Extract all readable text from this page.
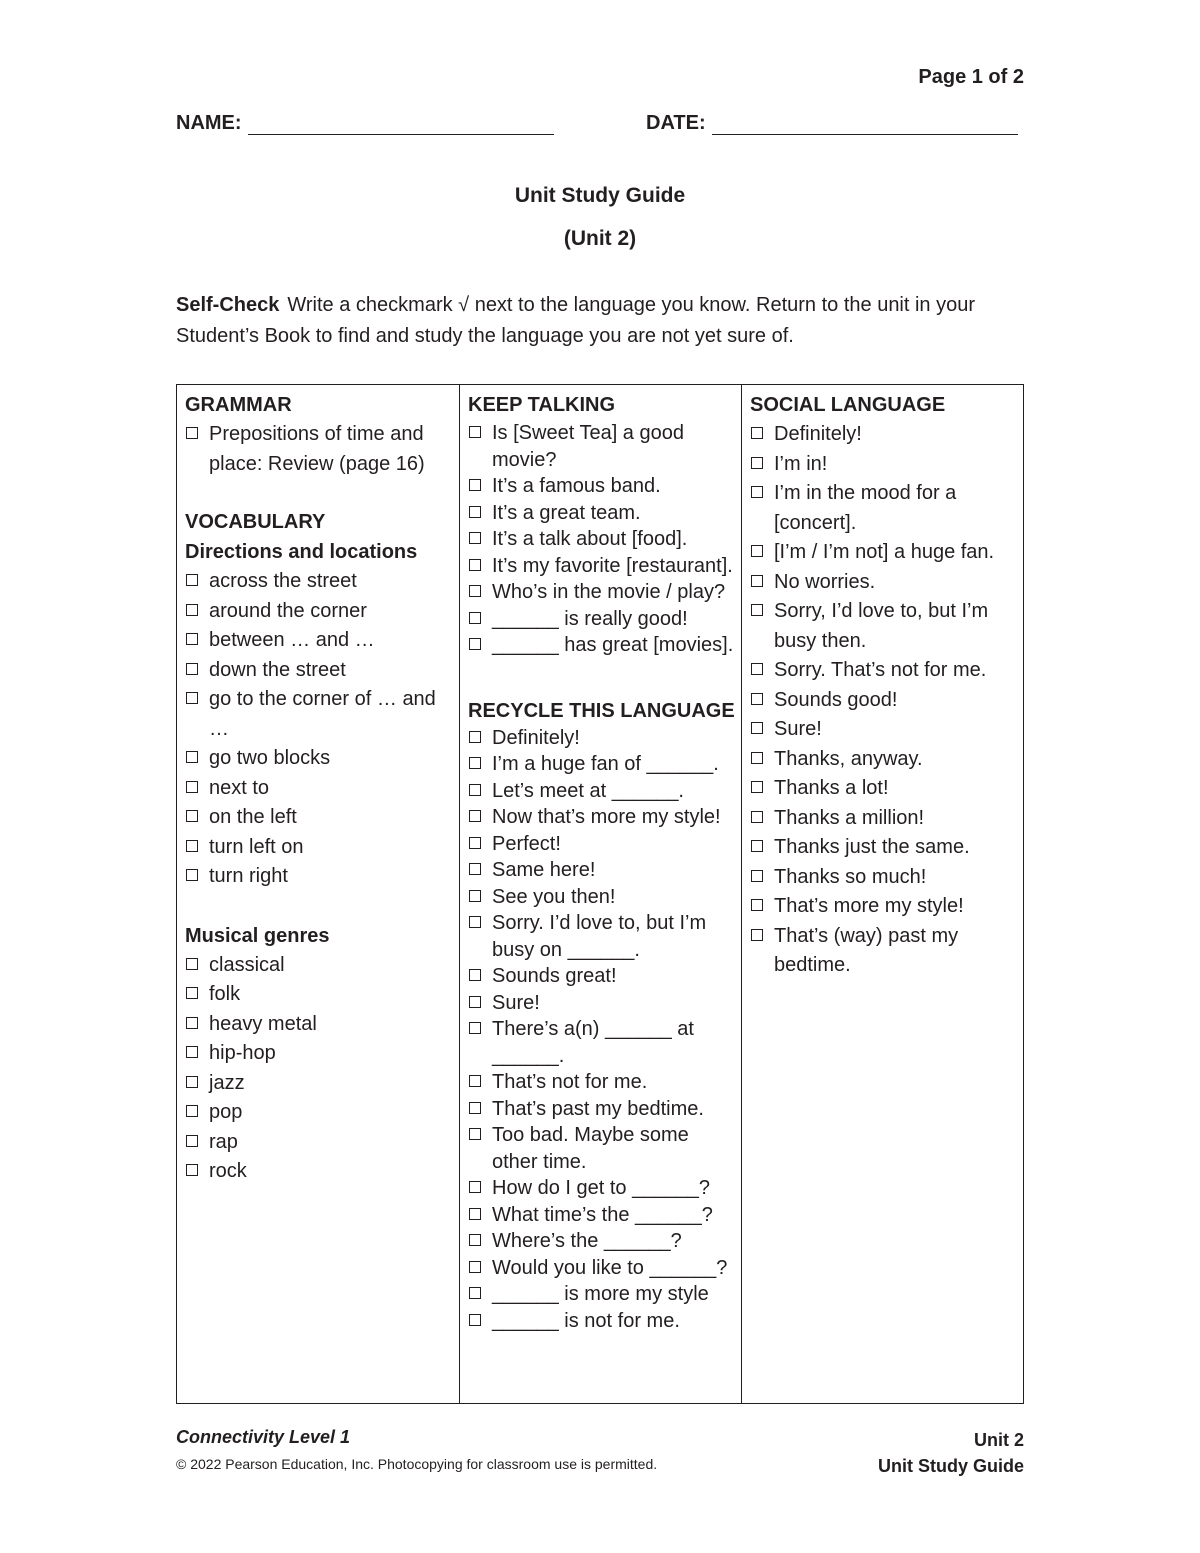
Page 1 of 2
NAME:	DATE:
Unit Study Guide
(Unit 2)
Self-Check Write a checkmark √ next to the language you know. Return to the unit in your Student’s Book to find and study the language you are not yet sure of.
GRAMMAR
Prepositions of time and place: Review (page 16)
VOCABULARY
Directions and locations
across the street
around the corner
between … and …
down the street
go to the corner of … and …
go two blocks
next to
on the left
turn left on
turn right
Musical genres
classical
folk
heavy metal
hip-hop
jazz
pop
rap
rock
KEEP TALKING
Is [Sweet Tea] a good movie?
It’s a famous band.
It’s a great team.
It’s a talk about [food].
It’s my favorite [restaurant].
Who’s in the movie / play?
______ is really good!
______ has great [movies].
RECYCLE THIS LANGUAGE
Definitely!
I’m a huge fan of ______.
Let’s meet at ______.
Now that’s more my style!
Perfect!
Same here!
See you then!
Sorry. I’d love to, but I’m busy on ______.
Sounds great!
Sure!
There’s a(n) ______ at ______.
That’s not for me.
That’s past my bedtime.
Too bad. Maybe some other time.
How do I get to ______?
What time’s the ______?
Where’s the ______?
Would you like to ______?
______ is more my style
______ is not for me.
SOCIAL LANGUAGE
Definitely!
I’m in!
I’m in the mood for a [concert].
[I’m / I’m not] a huge fan.
No worries.
Sorry, I’d love to, but I’m busy then.
Sorry. That’s not for me.
Sounds good!
Sure!
Thanks, anyway.
Thanks a lot!
Thanks a million!
Thanks just the same.
Thanks so much!
That’s more my style!
That’s (way) past my bedtime.
Connectivity Level 1
© 2022 Pearson Education, Inc. Photocopying for classroom use is permitted.
Unit 2
Unit Study Guide
